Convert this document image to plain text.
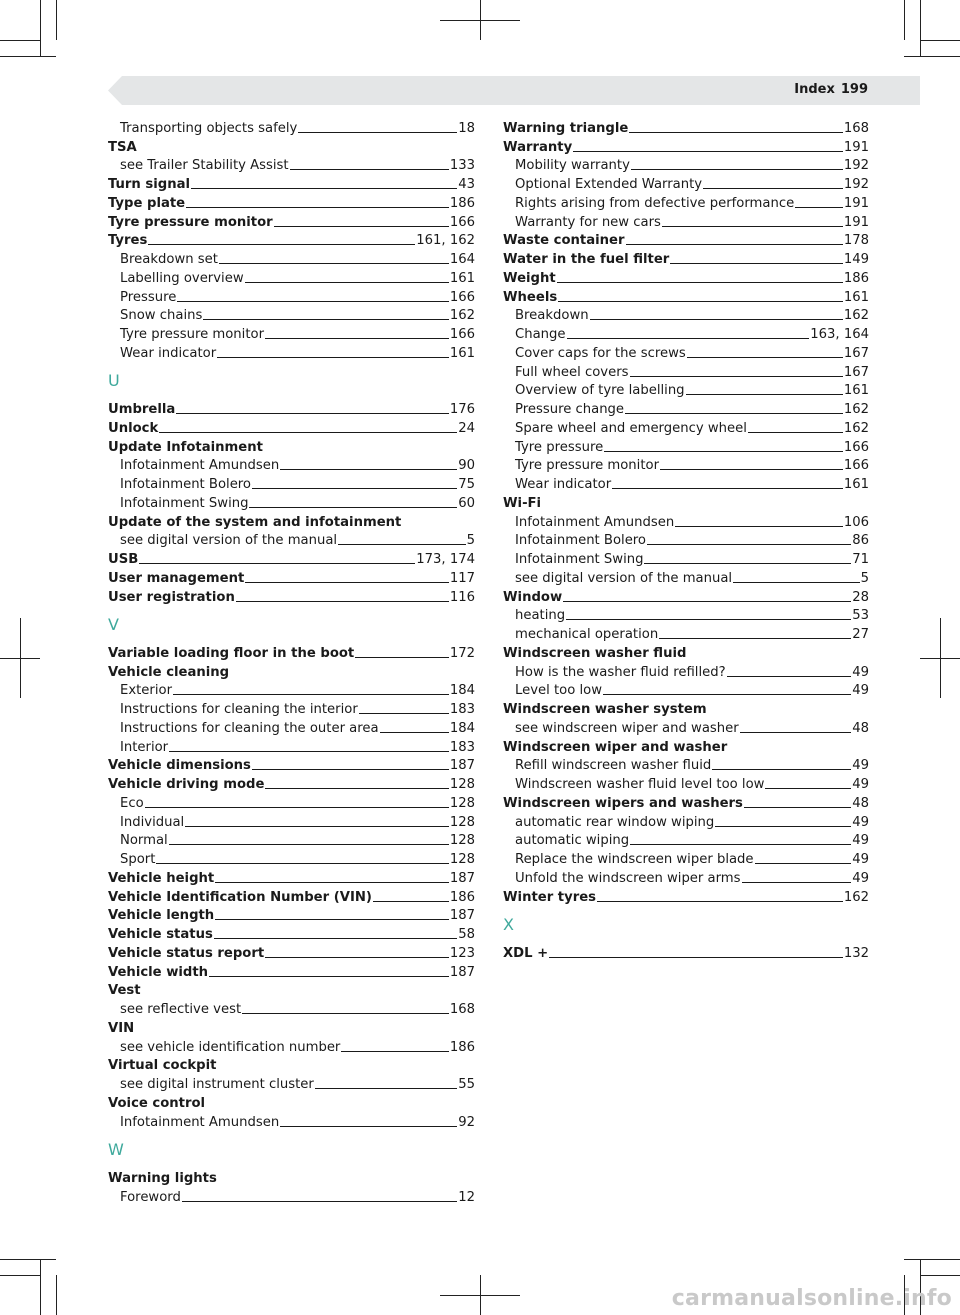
Index 199
Transporting objects safely	18
TSA
see Trailer Stability Assist	133
Turn signal	43
Type plate	186
Tyre pressure monitor	166
Tyres	161, 162
Breakdown set	164
Labelling overview	161
Pressure	166
Snow chains	162
Tyre pressure monitor	166
Wear indicator	161
U
Umbrella	176
Unlock	24
Update Infotainment
Infotainment Amundsen	90
Infotainment Bolero	75
Infotainment Swing	60
Update of the system and infotainment
see digital version of the manual	5
USB	173, 174
User management	117
User registration	116
V
Variable loading floor in the boot	172
Vehicle cleaning
Exterior	184
Instructions for cleaning the interior	183
Instructions for cleaning the outer area	184
Interior	183
Vehicle dimensions	187
Vehicle driving mode	128
Eco	128
Individual	128
Normal	128
Sport	128
Vehicle height	187
Vehicle Identification Number (VIN)	186
Vehicle length	187
Vehicle status	58
Vehicle status report	123
Vehicle width	187
Vest
see reflective vest	168
VIN
see vehicle identification number	186
Virtual cockpit
see digital instrument cluster	55
Voice control
Infotainment Amundsen	92
W
Warning lights
Foreword	12
Warning triangle	168
Warranty	191
Mobility warranty	192
Optional Extended Warranty	192
Rights arising from defective performance	191
Warranty for new cars	191
Waste container	178
Water in the fuel filter	149
Weight	186
Wheels	161
Breakdown	162
Change	163, 164
Cover caps for the screws	167
Full wheel covers	167
Overview of tyre labelling	161
Pressure change	162
Spare wheel and emergency wheel	162
Tyre pressure	166
Tyre pressure monitor	166
Wear indicator	161
Wi-Fi
Infotainment Amundsen	106
Infotainment Bolero	86
Infotainment Swing	71
see digital version of the manual	5
Window	28
heating	53
mechanical operation	27
Windscreen washer fluid
How is the washer fluid refilled?	49
Level too low	49
Windscreen washer system
see windscreen wiper and washer	48
Windscreen wiper and washer
Refill windscreen washer fluid	49
Windscreen washer fluid level too low	49
Windscreen wipers and washers	48
automatic rear window wiping	49
automatic wiping	49
Replace the windscreen wiper blade	49
Unfold the windscreen wiper arms	49
Winter tyres	162
X
XDL +	132
carmanualsonline.info
